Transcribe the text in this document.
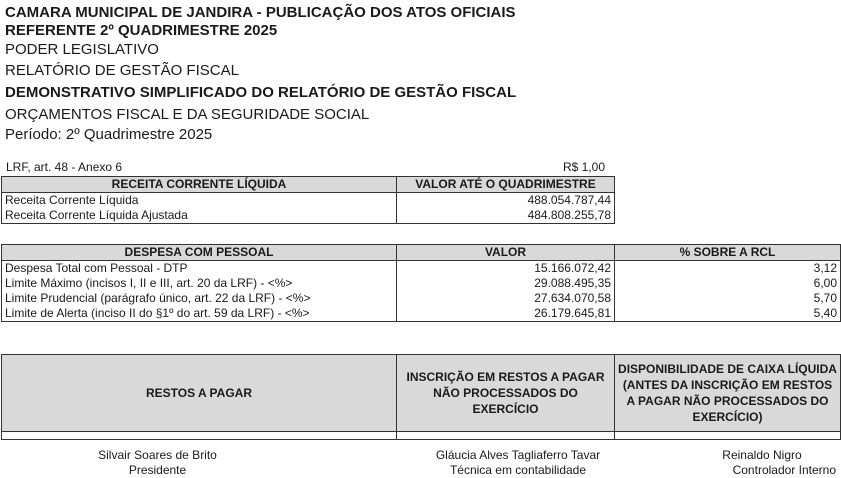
CAMARA MUNICIPAL DE JANDIRA - PUBLICAÇÃO DOS ATOS OFICIAIS

REFERENTE 2º QUADRIMESTRE 2025

PODER LEGISLATIVO

RELATÓRIO DE GESTÃO FISCAL

DEMONSTRATIVO SIMPLIFICADO DO RELATÓRIO DE GESTÃO FISCAL

ORÇAMENTOS FISCAL E DA SEGURIDADE SOCIAL

Período: 2º Quadrimestre 2025

LRF, art. 48 - Anexo 6	R$ 1,00
RECEITA CORRENTE LÍQUIDA	VALOR ATÉ O QUADRIMESTRE
Receita Corrente Líquida	488.054.787,44
Receita Corrente Líquida Ajustada	484.808.255,78
DESPESA COM PESSOAL	VALOR	% SOBRE A RCL
Despesa Total com Pessoal - DTP	15.166.072,42	3,12
Limite Máximo (incisos I, II e III, art. 20 da LRF) - <%>	29.088.495,35	6,00
Limite Prudencial (parágrafo único, art. 22 da LRF) - <%>	27.634.070,58	5,70
Limite de Alerta (inciso II do §1º do art. 59 da LRF) - <%>	26.179.645,81	5,40
RESTOS A PAGAR	INSCRIÇÃO EM RESTOS A PAGAR NÃO PROCESSADOS DO EXERCÍCIO	DISPONIBILIDADE DE CAIXA LÍQUIDA (ANTES DA INSCRIÇÃO EM RESTOS A PAGAR NÃO PROCESSADOS DO EXERCÍCIO)

Silvair Soares de Brito
Presidente
Gláucia Alves Tagliaferro Tavar
Técnica em contabilidade
Reinaldo Nigro
Controlador Interno
